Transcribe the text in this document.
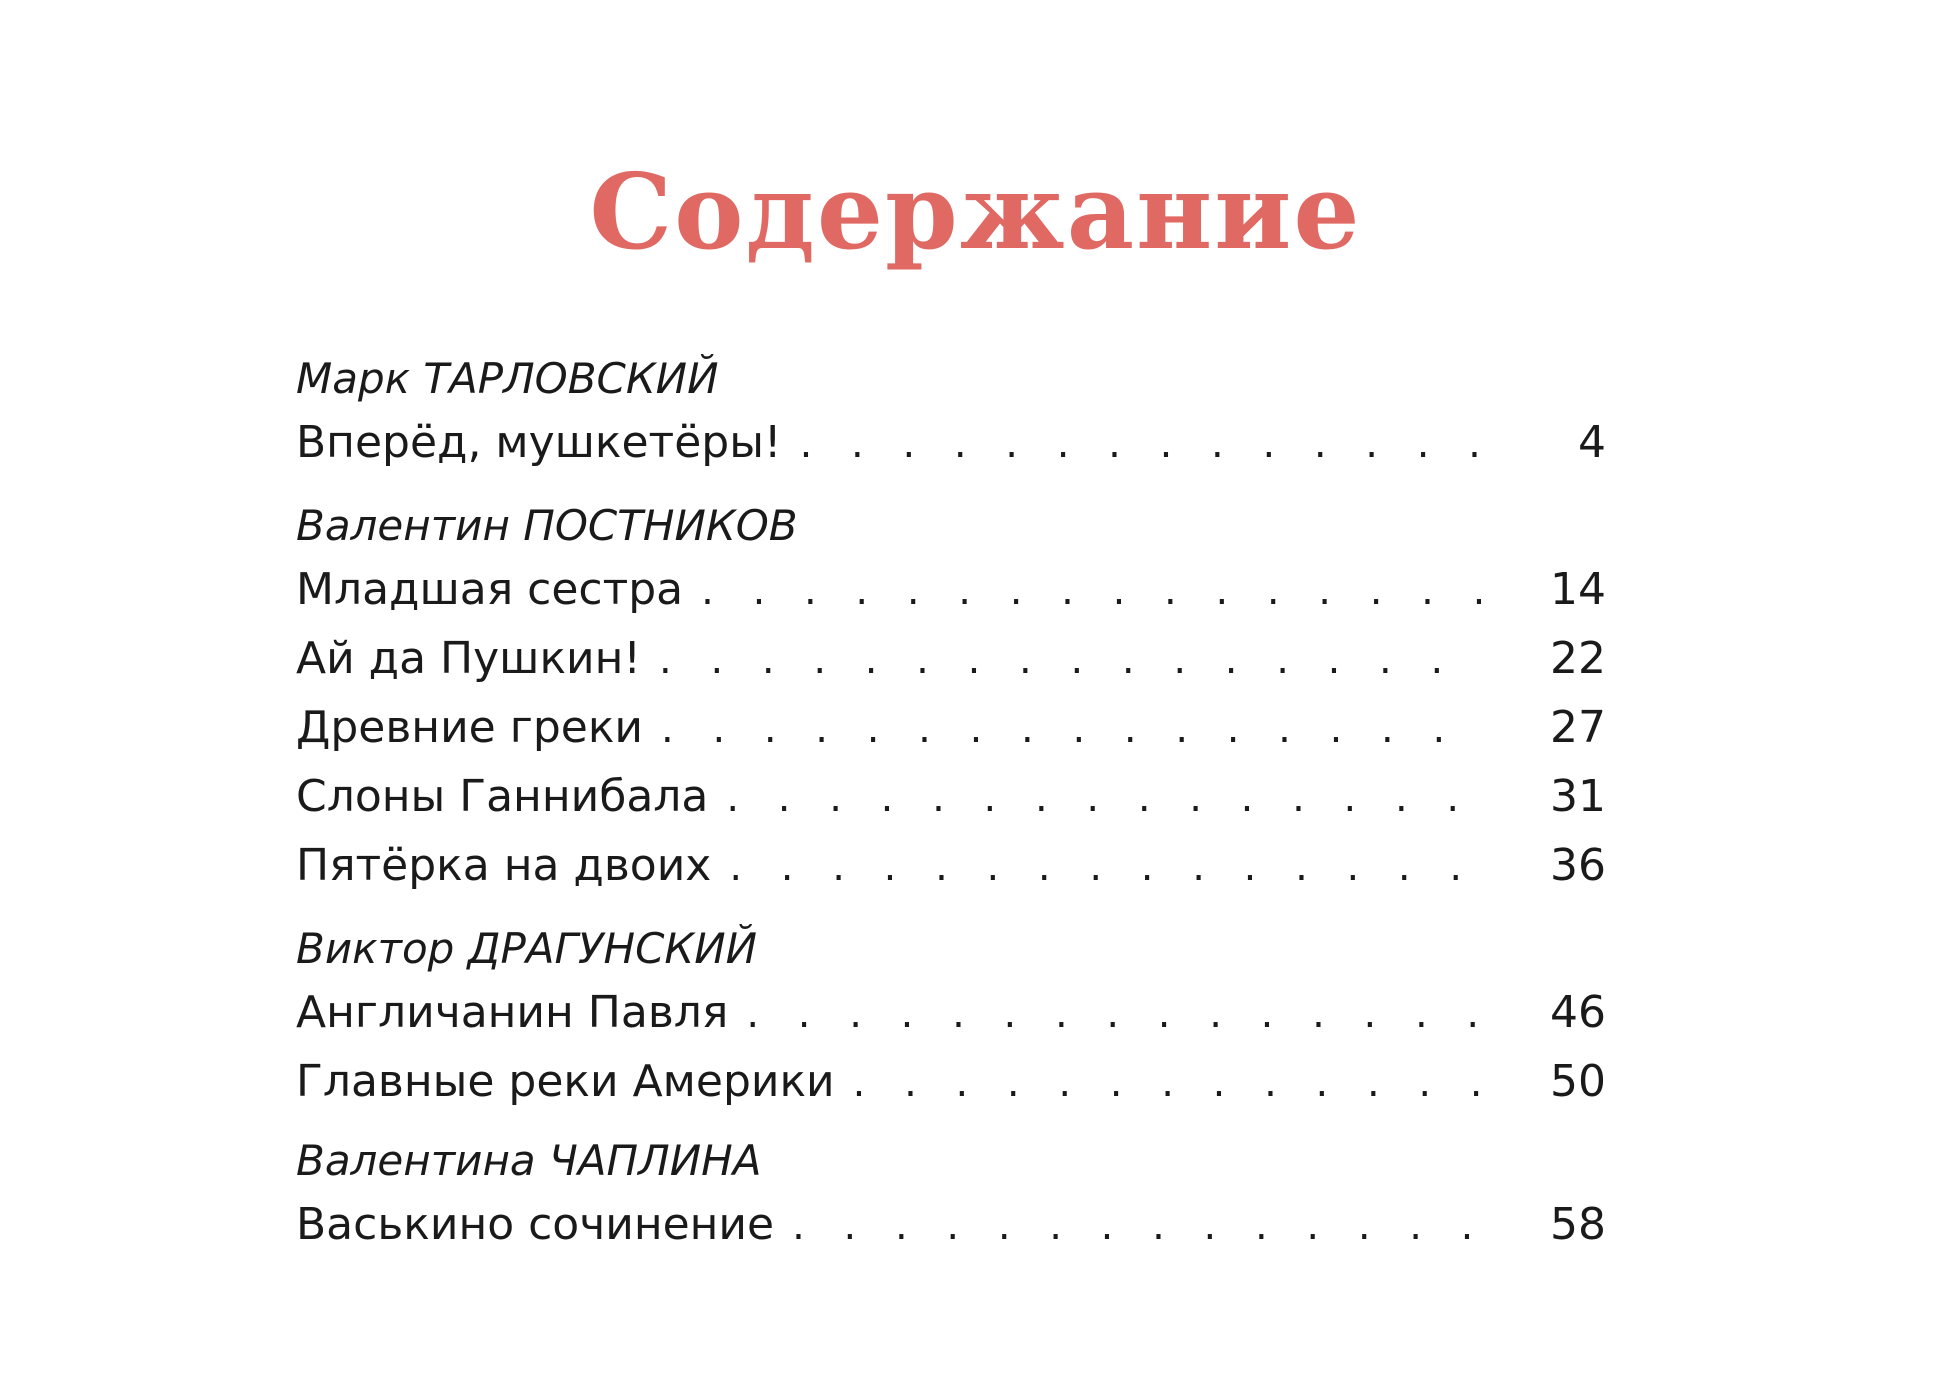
Содержание
Марк ТАРЛОВСКИЙ
Вперёд, мушкетёры! . . .	4
Валентин ПОСТНИКОВ
Младшая сестра . . .	14
Ай да Пушкин! . . .	22
Древние греки . . .	27
Слоны Ганнибала . . .	31
Пятёрка на двоих . . .	36
Виктор ДРАГУНСКИЙ
Англичанин Павля . . .	46
Главные реки Америки . . .	50
Валентина ЧАПЛИНА
Васькино сочинение . . .	58
